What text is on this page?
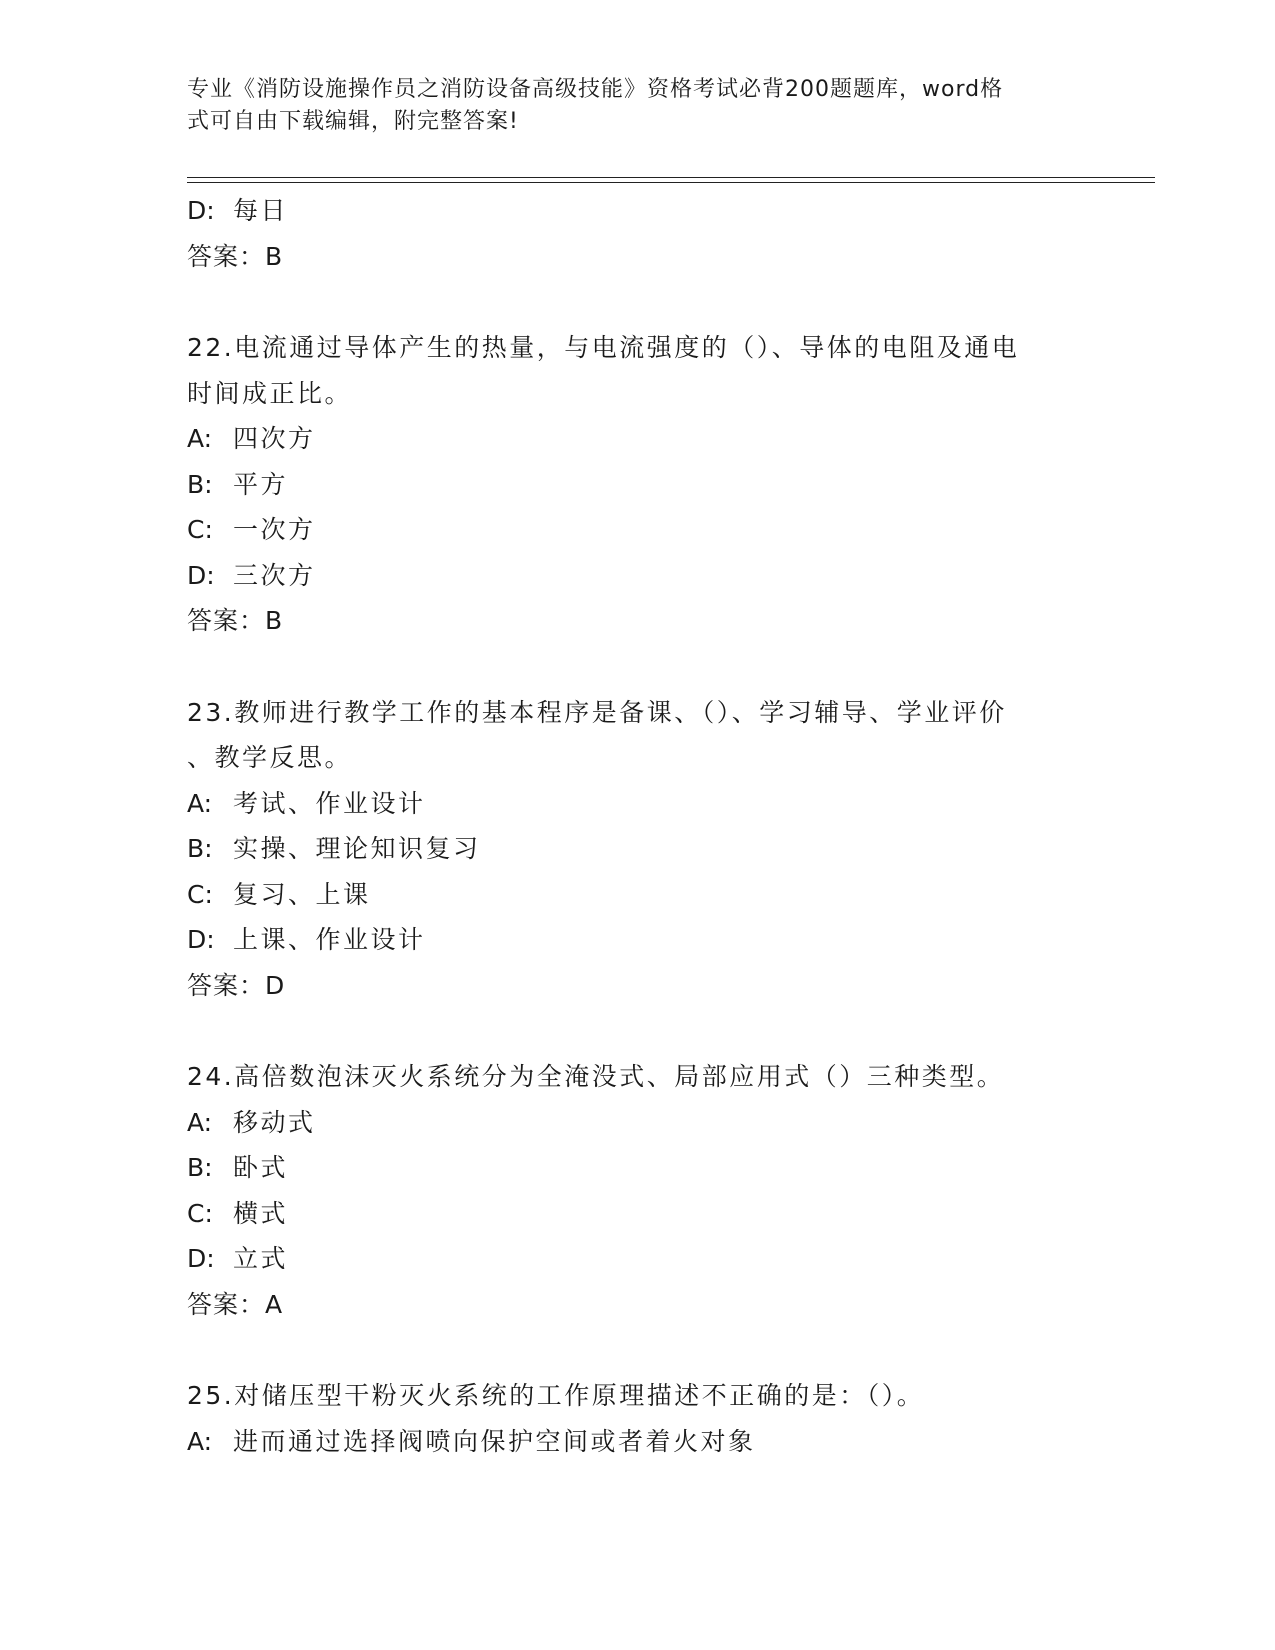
专业《消防设施操作员之消防设备高级技能》资格考试必背200题题库，word格
式可自由下载编辑，附完整答案!
D: 每日
答案：B
22.电流通过导体产生的热量，与电流强度的（）、导体的电阻及通电
时间成正比。
A: 四次方
B: 平方
C: 一次方
D: 三次方
答案：B
23.教师进行教学工作的基本程序是备课、（）、学习辅导、学业评价
、教学反思。
A: 考试、作业设计
B: 实操、理论知识复习
C: 复习、上课
D: 上课、作业设计
答案：D
24.高倍数泡沫灭火系统分为全淹没式、局部应用式（）三种类型。
A: 移动式
B: 卧式
C: 横式
D: 立式
答案：A
25.对储压型干粉灭火系统的工作原理描述不正确的是：（）。
A: 进而通过选择阀喷向保护空间或者着火对象
